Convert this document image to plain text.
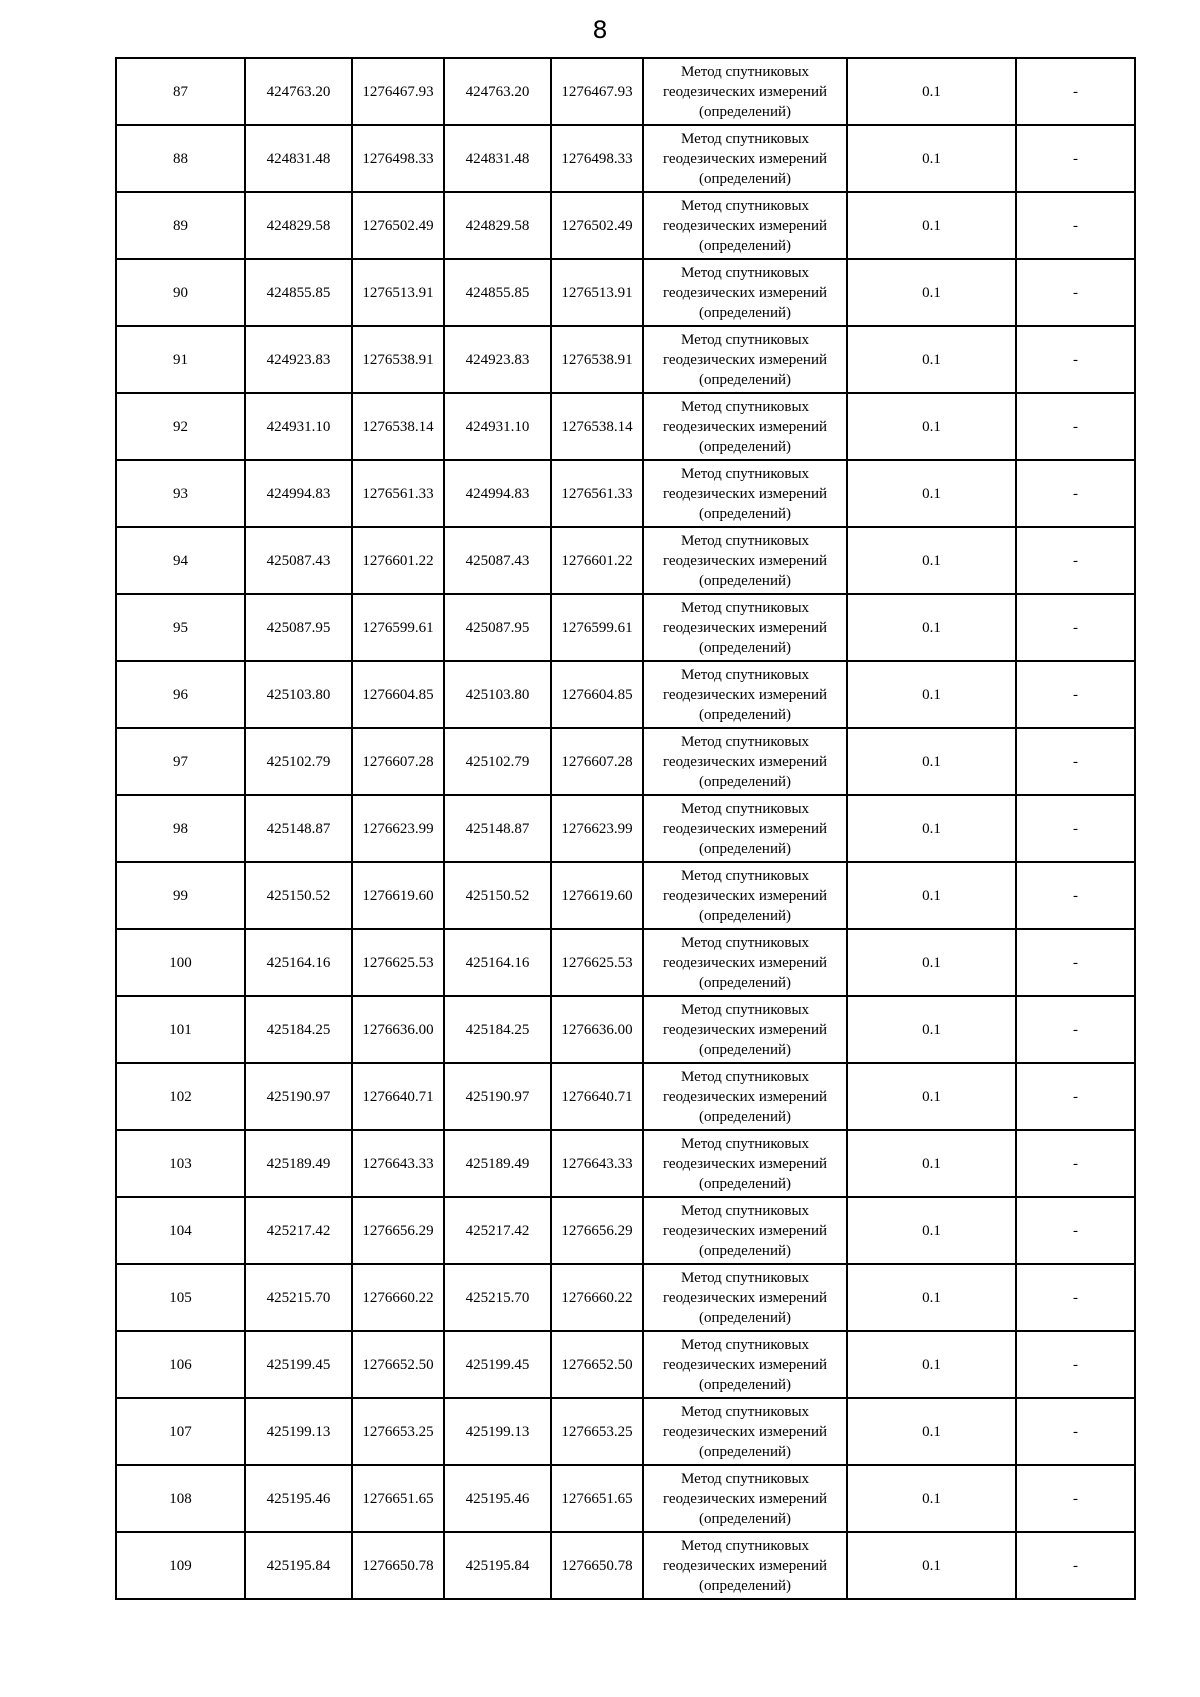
8
87	424763.20	1276467.93	424763.20	1276467.93	Метод спутниковых
геодезических измерений
(определений)	0.1	-
88	424831.48	1276498.33	424831.48	1276498.33	Метод спутниковых
геодезических измерений
(определений)	0.1	-
89	424829.58	1276502.49	424829.58	1276502.49	Метод спутниковых
геодезических измерений
(определений)	0.1	-
90	424855.85	1276513.91	424855.85	1276513.91	Метод спутниковых
геодезических измерений
(определений)	0.1	-
91	424923.83	1276538.91	424923.83	1276538.91	Метод спутниковых
геодезических измерений
(определений)	0.1	-
92	424931.10	1276538.14	424931.10	1276538.14	Метод спутниковых
геодезических измерений
(определений)	0.1	-
93	424994.83	1276561.33	424994.83	1276561.33	Метод спутниковых
геодезических измерений
(определений)	0.1	-
94	425087.43	1276601.22	425087.43	1276601.22	Метод спутниковых
геодезических измерений
(определений)	0.1	-
95	425087.95	1276599.61	425087.95	1276599.61	Метод спутниковых
геодезических измерений
(определений)	0.1	-
96	425103.80	1276604.85	425103.80	1276604.85	Метод спутниковых
геодезических измерений
(определений)	0.1	-
97	425102.79	1276607.28	425102.79	1276607.28	Метод спутниковых
геодезических измерений
(определений)	0.1	-
98	425148.87	1276623.99	425148.87	1276623.99	Метод спутниковых
геодезических измерений
(определений)	0.1	-
99	425150.52	1276619.60	425150.52	1276619.60	Метод спутниковых
геодезических измерений
(определений)	0.1	-
100	425164.16	1276625.53	425164.16	1276625.53	Метод спутниковых
геодезических измерений
(определений)	0.1	-
101	425184.25	1276636.00	425184.25	1276636.00	Метод спутниковых
геодезических измерений
(определений)	0.1	-
102	425190.97	1276640.71	425190.97	1276640.71	Метод спутниковых
геодезических измерений
(определений)	0.1	-
103	425189.49	1276643.33	425189.49	1276643.33	Метод спутниковых
геодезических измерений
(определений)	0.1	-
104	425217.42	1276656.29	425217.42	1276656.29	Метод спутниковых
геодезических измерений
(определений)	0.1	-
105	425215.70	1276660.22	425215.70	1276660.22	Метод спутниковых
геодезических измерений
(определений)	0.1	-
106	425199.45	1276652.50	425199.45	1276652.50	Метод спутниковых
геодезических измерений
(определений)	0.1	-
107	425199.13	1276653.25	425199.13	1276653.25	Метод спутниковых
геодезических измерений
(определений)	0.1	-
108	425195.46	1276651.65	425195.46	1276651.65	Метод спутниковых
геодезических измерений
(определений)	0.1	-
109	425195.84	1276650.78	425195.84	1276650.78	Метод спутниковых
геодезических измерений
(определений)	0.1	-
